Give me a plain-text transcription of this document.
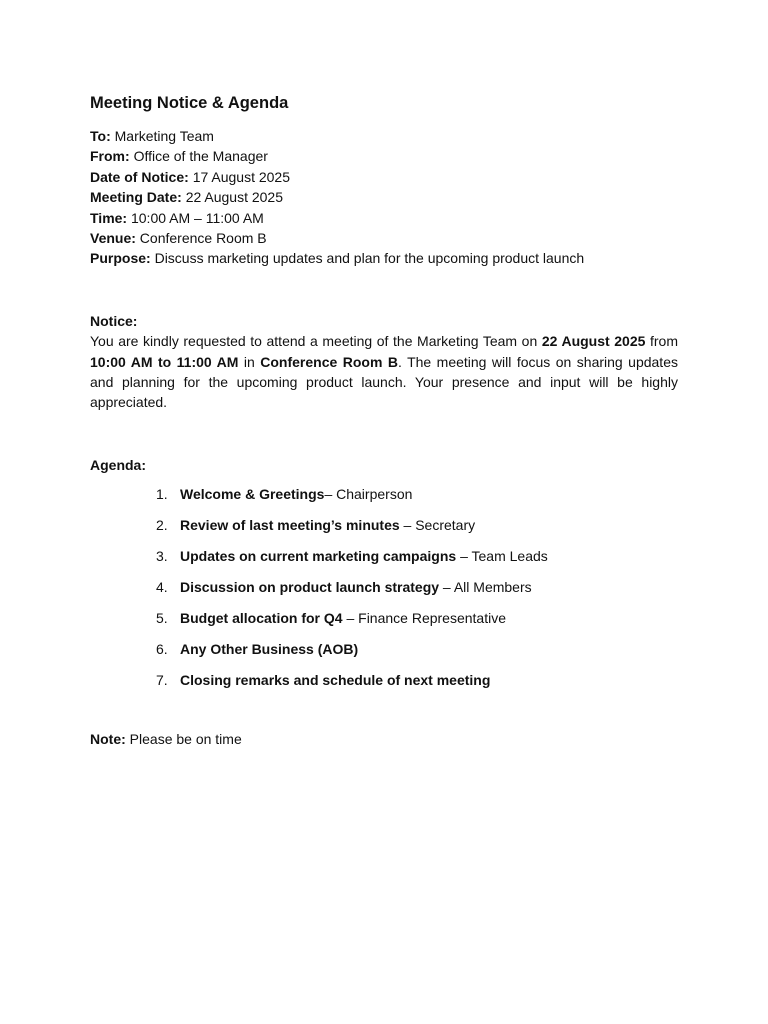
Meeting Notice & Agenda

To: Marketing Team

From: Office of the Manager

Date of Notice: 17 August 2025

Meeting Date: 22 August 2025

Time: 10:00 AM – 11:00 AM

Venue: Conference Room B

Purpose: Discuss marketing updates and plan for the upcoming product launch

Notice:

You are kindly requested to attend a meeting of the Marketing Team on 22 August 2025 from 10:00 AM to 11:00 AM in Conference Room B. The meeting will focus on sharing updates and planning for the upcoming product launch. Your presence and input will be highly appreciated.

Agenda:

1. Welcome & Greetings– Chairperson
2. Review of last meeting’s minutes – Secretary
3. Updates on current marketing campaigns – Team Leads
4. Discussion on product launch strategy – All Members
5. Budget allocation for Q4 – Finance Representative
6. Any Other Business (AOB)
7. Closing remarks and schedule of next meeting

Note: Please be on time
